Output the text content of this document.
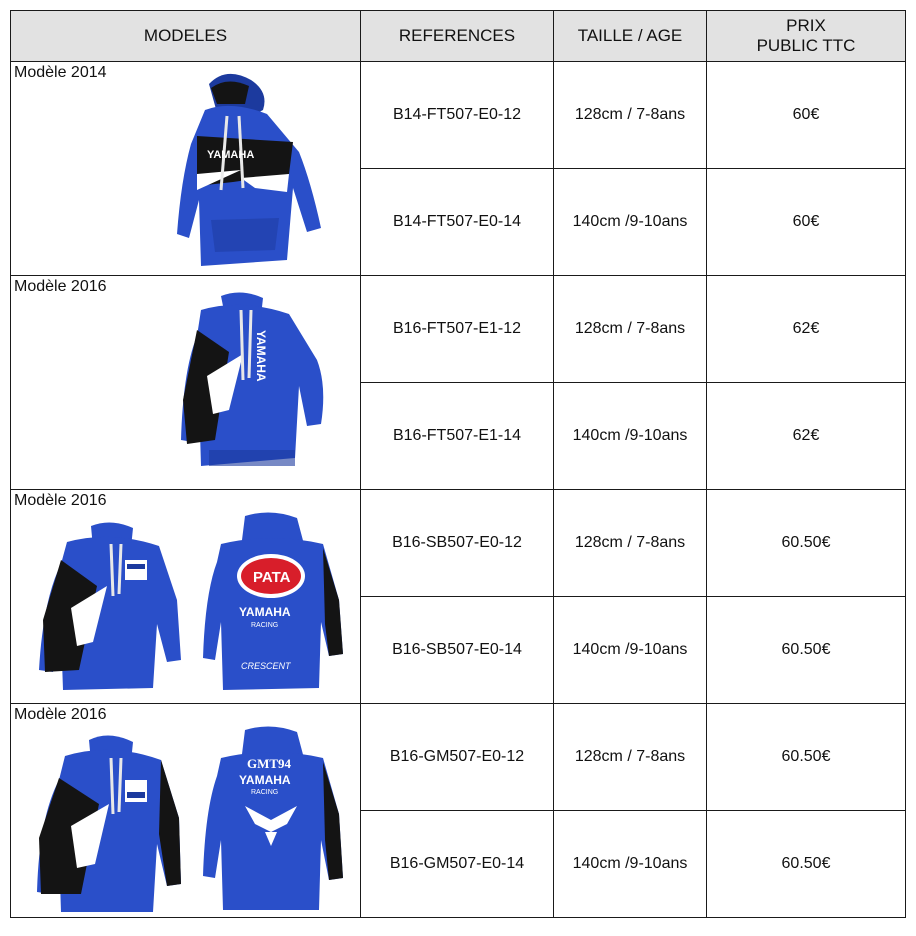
MODELES	REFERENCES	TAILLE / AGE	PRIX
PUBLIC TTC

YAMAHA
Modèle 2014	B14-FT507-E0-12	128cm / 7-8ans	60€
	B14-FT507-E0-14	140cm /9-10ans	60€

YAMAHA
Modèle 2016	B16-FT507-E1-12	128cm / 7-8ans	62€
	B16-FT507-E1-14	140cm /9-10ans	62€

PATA
YAMAHA
RACING
CRESCENT
Modèle 2016	B16-SB507-E0-12	128cm / 7-8ans	60.50€
	B16-SB507-E0-14	140cm /9-10ans	60.50€

GMT94
YAMAHA
RACING
Modèle 2016	B16-GM507-E0-12	128cm / 7-8ans	60.50€
	B16-GM507-E0-14	140cm /9-10ans	60.50€
